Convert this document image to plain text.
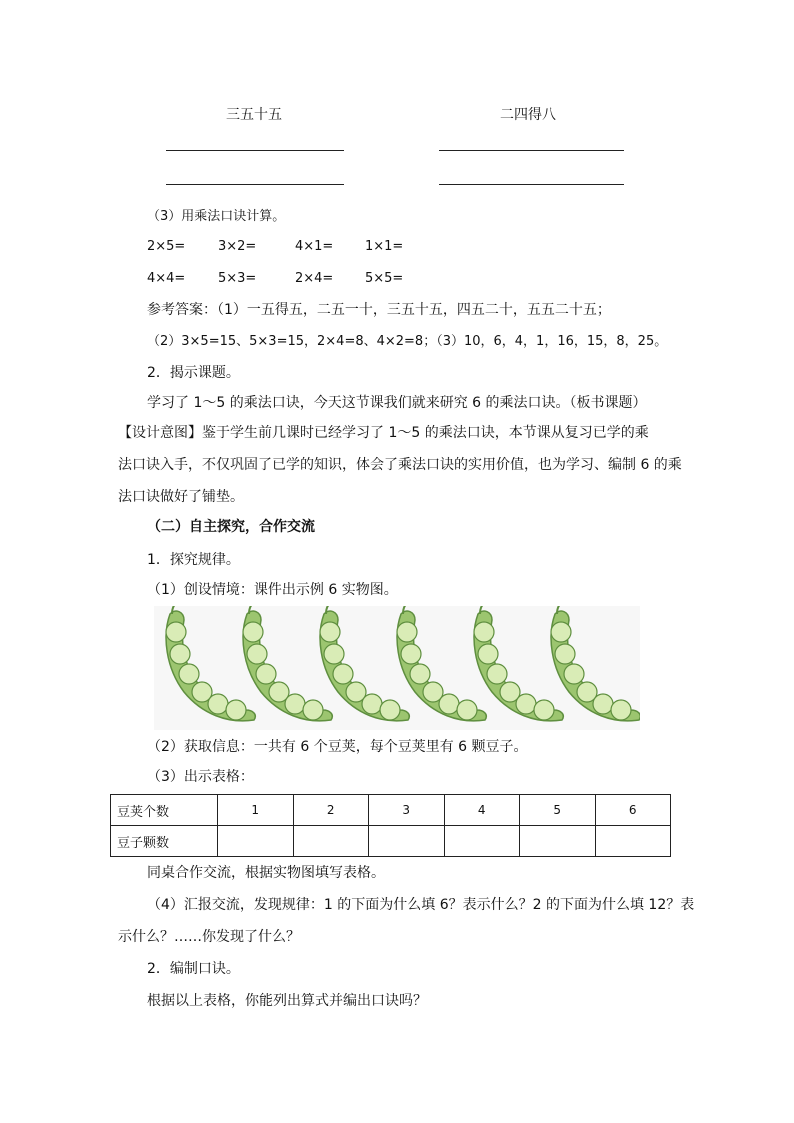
三五十五	二四得八
（3）用乘法口诀计算。
2×5=	3×2=	4×1= 1×1=
4×4=	5×3=	2×4= 5×5=
参考答案：（1）一五得五，二五一十，三五十五，四五二十，五五二十五；
（2）3×5=15、5×3=15，2×4=8、4×2=8；（3）10，6，4，1，16，15，8，25。
2．揭示课题。
学习了 1～5 的乘法口诀，今天这节课我们就来研究 6 的乘法口诀。（板书课题）
【设计意图】鉴于学生前几课时已经学习了 1～5 的乘法口诀，本节课从复习已学的乘
法口诀入手，不仅巩固了已学的知识，体会了乘法口诀的实用价值，也为学习、编制 6 的乘
法口诀做好了铺垫。
（二）自主探究，合作交流
1．探究规律。
（1）创设情境：课件出示例 6 实物图。
（2）获取信息：一共有 6 个豆荚，每个豆荚里有 6 颗豆子。
（3）出示表格：
豆荚个数	1	2	3	4	5	6
豆子颗数						
同桌合作交流，根据实物图填写表格。
（4）汇报交流，发现规律：1 的下面为什么填 6？表示什么？2 的下面为什么填 12？表
示什么？……你发现了什么？
2．编制口诀。
根据以上表格，你能列出算式并编出口诀吗？
